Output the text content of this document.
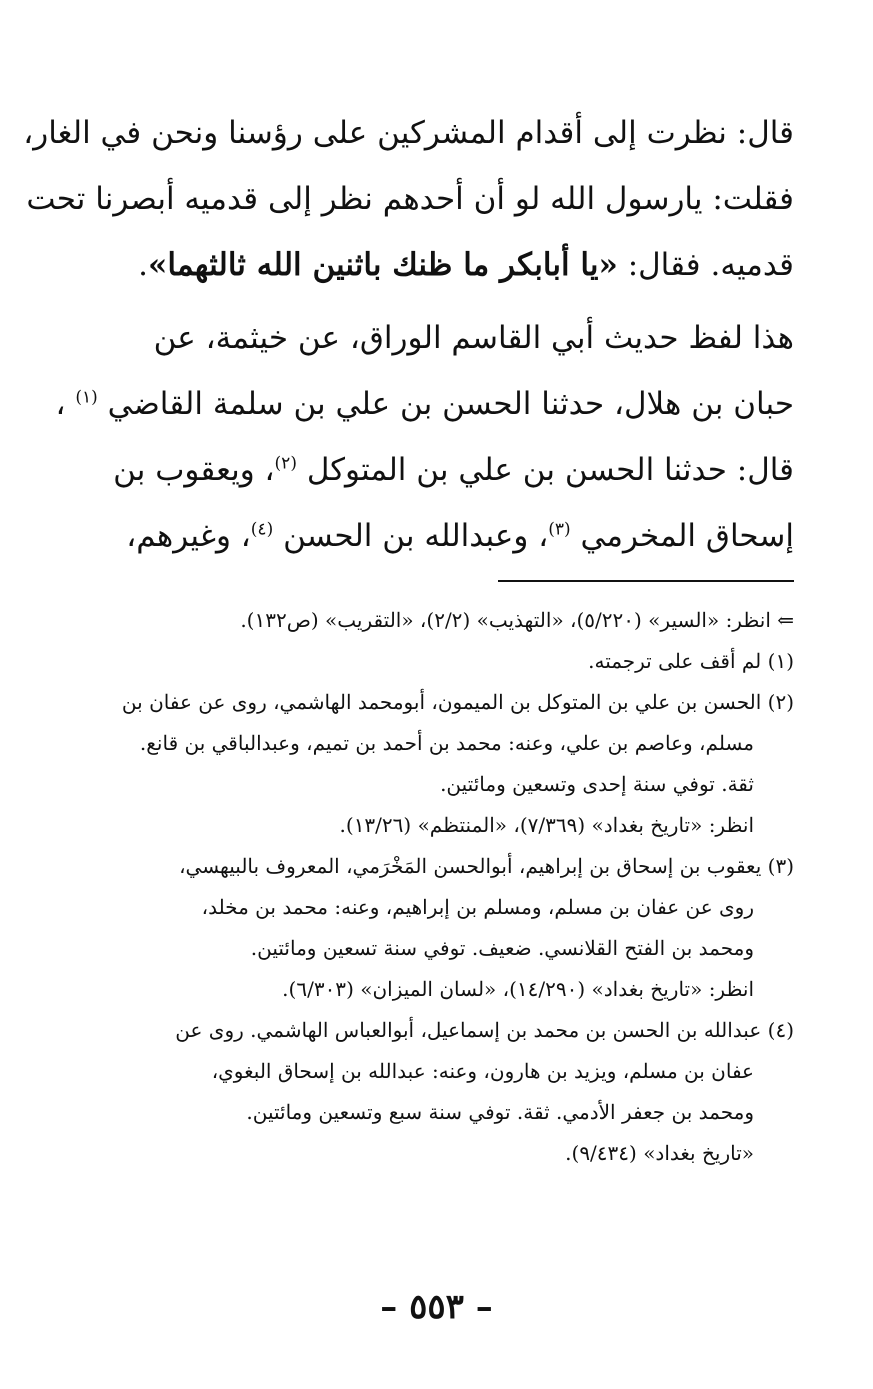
قال: نظرت إلى أقدام المشركين على رؤسنا ونحن في الغار،
فقلت: يارسول الله لو أن أحدهم نظر إلى قدميه أبصرنا تحت
قدميه. فقال: «يا أبابكر ما ظنك باثنين الله ثالثهما».
هذا لفظ حديث أبي القاسم الوراق، عن خيثمة، عن
حبان بن هلال، حدثنا الحسن بن علي بن سلمة القاضي $^{(١)}$ ،
قال: حدثنا الحسن بن علي بن المتوكل $^{(٢)}$، ويعقوب بن
إسحاق المخرمي $^{(٣)}$، وعبدالله بن الحسن $^{(٤)}$، وغيرهم،
⇐ انظر: «السير» (٥/٢٢٠)، «التهذيب» (٢/٢)، «التقريب» (ص١٣٢).
(١) لم أقف على ترجمته.
(٢) الحسن بن علي بن المتوكل بن الميمون، أبومحمد الهاشمي، روى عن عفان بن
مسلم، وعاصم بن علي، وعنه: محمد بن أحمد بن تميم، وعبدالباقي بن قانع.
ثقة. توفي سنة إحدى وتسعين ومائتين.
انظر: «تاريخ بغداد» (٧/٣٦٩)، «المنتظم» (١٣/٢٦).
(٣) يعقوب بن إسحاق بن إبراهيم، أبوالحسن المَخْرَمي، المعروف بالبيهسي،
روى عن عفان بن مسلم، ومسلم بن إبراهيم، وعنه: محمد بن مخلد،
ومحمد بن الفتح القلانسي. ضعيف. توفي سنة تسعين ومائتين.
انظر: «تاريخ بغداد» (١٤/٢٩٠)، «لسان الميزان» (٦/٣٠٣).
(٤) عبدالله بن الحسن بن محمد بن إسماعيل، أبوالعباس الهاشمي. روى عن
عفان بن مسلم، ويزيد بن هارون، وعنه: عبدالله بن إسحاق البغوي،
ومحمد بن جعفر الأدمي. ثقة. توفي سنة سبع وتسعين ومائتين.
«تاريخ بغداد» (٩/٤٣٤).
– ٥٥٣ –
